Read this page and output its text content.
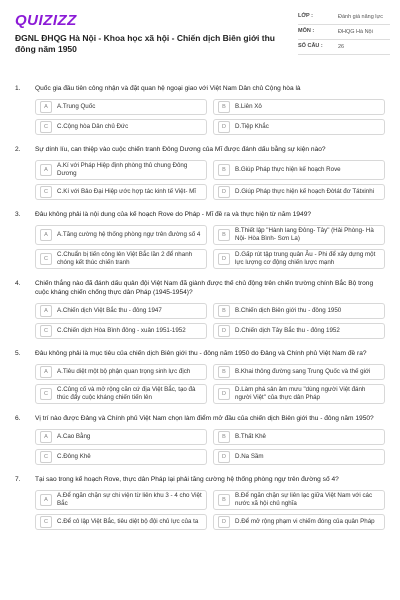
QUIZIZZ
ĐGNL ĐHQG Hà Nội - Khoa học xã hội - Chiến dịch Biên giới thu đông năm 1950
LỚP :	Đánh giá năng lực
MÔN :	ĐHQG Hà Nội
SỐ CÂU :	26
1.	Quốc gia đầu tiên công nhận và đặt quan hệ ngoại giao với Việt Nam Dân chủ Cộng hòa là
A	A.Trung Quốc	B	B.Liên Xô
C	C.Cộng hòa Dân chủ Đức	D	D.Tiệp Khắc
2.	Sự dính líu, can thiệp vào cuộc chiến tranh Đông Dương của Mĩ được đánh dấu bằng sự kiện nào?
A
A.Kí với Pháp Hiệp định phòng thủ chung Đông Dương	B	B.Giúp Pháp thực hiện kế hoạch Rove
C	C.Kí với Bảo Đại Hiệp ước hợp tác kinh tế Việt- Mĩ	D	D.Giúp Pháp thực hiện kế hoạch Đờlát đơ Tátxinhi
3.	Đâu không phải là nội dung của kế hoạch Rove do Pháp - Mĩ đề ra và thực hiện từ năm 1949?
A	A.Tăng cường hệ thống phòng ngự trên đường số 4	B
B.Thiết lập "Hành lang Đông- Tây" (Hải Phòng- Hà Nội- Hòa Bình- Sơn La)
C
C.Chuẩn bị tiến công lên Việt Bắc lần 2 để nhanh chóng kết thúc chiến tranh	D
D.Gấp rút tập trung quân Âu - Phi để xây dựng một lực lượng cơ động chiến lược mạnh
4.	Chiến thắng nào đã đánh dấu quân đội Việt Nam đã giành được thế chủ động trên chiến trường chính Bắc Bộ trong cuộc kháng chiến chống thực dân Pháp (1945-1954)?
A	A.Chiến dịch Việt Bắc thu - đông 1947	B	B.Chiến dịch Biên giới thu - đông 1950
C	C.Chiến dịch Hòa Bình đông - xuân 1951-1952	D	D.Chiến dịch Tây Bắc thu - đông 1952
5.	Đâu không phải là mục tiêu của chiến dịch Biên giới thu - đông năm 1950 do Đảng và Chính phủ Việt Nam đề ra?
A	A.Tiêu diệt một bộ phận quan trọng sinh lực địch	B	B.Khai thông đường sang Trung Quốc và thế giới
C
C.Củng cố và mở rộng căn cứ địa Việt Bắc, tạo đà thúc đẩy cuộc kháng chiến tiến lên	D
D.Làm phá sản âm mưu "dùng người Việt đánh người Việt" của thực dân Pháp
6.	Vị trí nào được Đảng và Chính phủ Việt Nam chọn làm điểm mở đầu của chiến dịch Biên giới thu - đông năm 1950?
A	A.Cao Bằng	B	B.Thất Khê
C	C.Đông Khê	D	D.Na Sầm
7.	Tại sao trong kế hoạch Rove, thực dân Pháp lại phải tăng cường hệ thống phòng ngự trên đường số 4?
A
A.Để ngăn chặn sự chi viện từ liên khu 3 - 4 cho Việt Bắc	B
B.Để ngăn chặn sự liên lạc giữa Việt Nam với các nước xã hội chủ nghĩa
C	C.Để cô lập Việt Bắc, tiêu diệt bộ đội chủ lực của ta	D	D.Để mở rộng phạm vi chiếm đóng của quân Pháp
